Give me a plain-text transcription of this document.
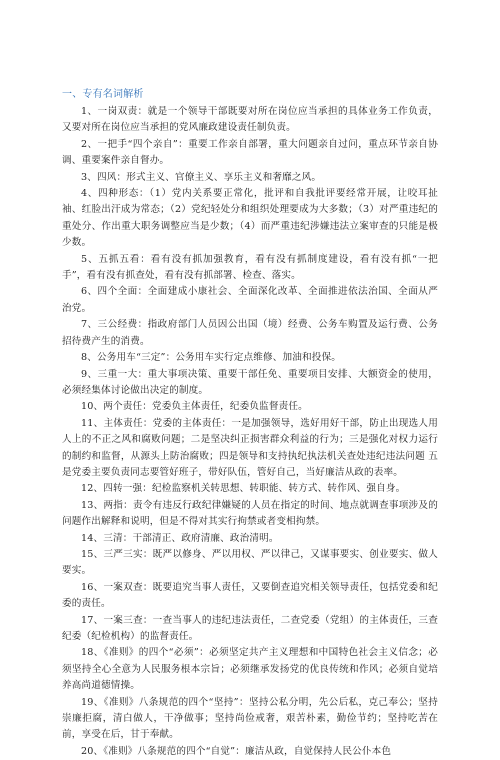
一、专有名词解析

1、一岗双责：就是一个领导干部既要对所在岗位应当承担的具体业务工作负责，又要对所在岗位应当承担的党风廉政建设责任制负责。

2、一把手“四个亲自”：重要工作亲自部署，重大问题亲自过问，重点环节亲自协调、重要案件亲自督办。

3、四风：形式主义、官僚主义、享乐主义和奢靡之风。

4、四种形态：（1）党内关系要正常化，批评和自我批评要经常开展，让咬耳扯袖、红脸出汗成为常态；（2）党纪轻处分和组织处理要成为大多数；（3）对严重违纪的重处分、作出重大职务调整应当是少数；（4）而严重违纪涉嫌违法立案审查的只能是极少数。

5、五抓五看：看有没有抓加强教育，看有没有抓制度建设，看有没有抓“一把手”，看有没有抓查处，看有没有抓部署、检查、落实。

6、四个全面：全面建成小康社会、全面深化改革、全面推进依法治国、全面从严治党。

7、三公经费：指政府部门人员因公出国（境）经费、公务车购置及运行费、公务招待费产生的消费。

8、公务用车“三定”：公务用车实行定点维修、加油和投保。

9、三重一大：重大事项决策、重要干部任免、重要项目安排、大额资金的使用，必须经集体讨论做出决定的制度。

10、两个责任：党委负主体责任，纪委负监督责任。

11、主体责任：党委的主体责任：一是加强领导，选好用好干部，防止出现选人用人上的不正之风和腐败问题；二是坚决纠正损害群众利益的行为；三是强化对权力运行的制约和监督，从源头上防治腐败；四是领导和支持执纪执法机关查处违纪违法问题 五是党委主要负责同志要管好班子，带好队伍，管好自己，当好廉洁从政的表率。

12、四转一强：纪检监察机关转思想、转职能、转方式、转作风、强自身。

13、两指：责令有违反行政纪律嫌疑的人员在指定的时间、地点就调查事项涉及的问题作出解释和说明，但是不得对其实行拘禁或者变相拘禁。

14、三清：干部清正、政府清廉、政治清明。

15、三严三实：既严以修身、严以用权、严以律己，又谋事要实、创业要实、做人要实。

16、一案双查：既要追究当事人责任，又要倒查追究相关领导责任，包括党委和纪委的责任。

17、一案三查：一查当事人的违纪违法责任，二查党委（党组）的主体责任，三查纪委（纪检机构）的监督责任。

18、《准则》的四个“必须”：必须坚定共产主义理想和中国特色社会主义信念；必须坚持全心全意为人民服务根本宗旨；必须继承发扬党的优良传统和作风；必须自觉培养高尚道德情操。

19、《准则》八条规范的四个“坚持”：坚持公私分明，先公后私，克己奉公；坚持崇廉拒腐，清白做人，干净做事；坚持尚俭戒奢，艰苦朴素，勤俭节约；坚持吃苦在前，享受在后，甘于奉献。

20、《准则》八条规范的四个“自觉”：廉洁从政，自觉保持人民公仆本色
